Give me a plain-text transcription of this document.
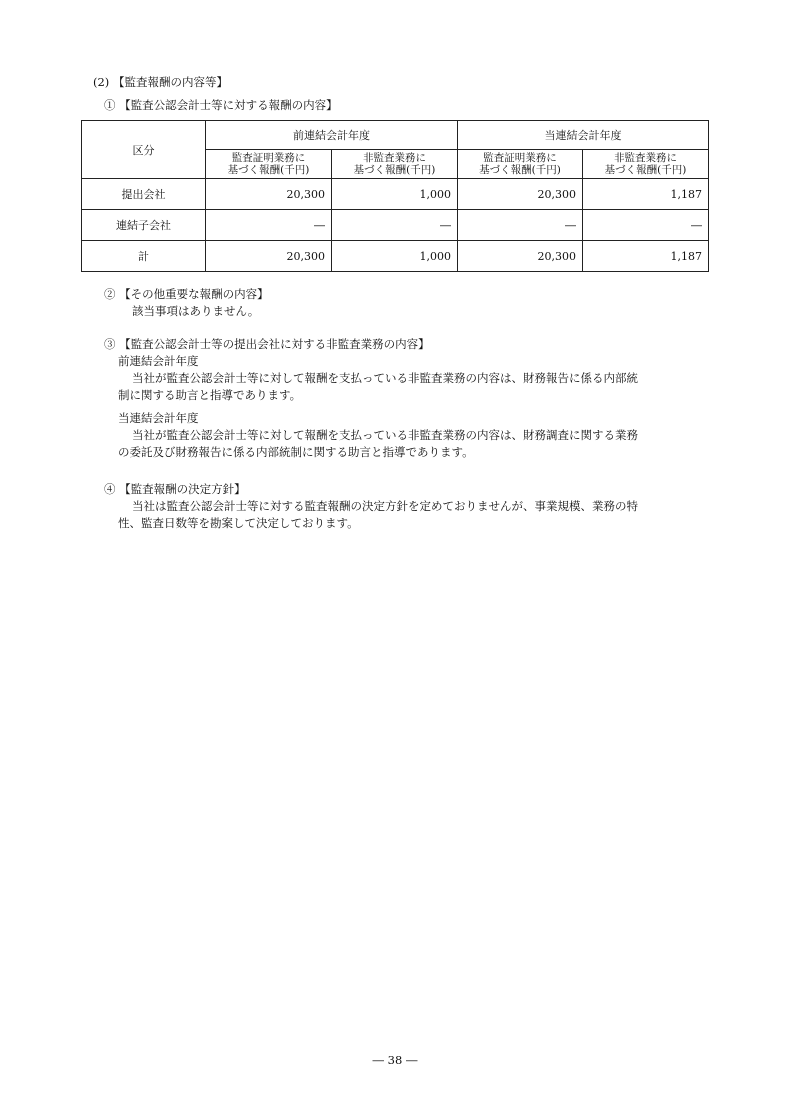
(2) 【監査報酬の内容等】
① 【監査公認会計士等に対する報酬の内容】
区分	前連結会計年度		当連結会計年度	
	監査証明業務に
基づく報酬(千円)	非監査業務に
基づく報酬(千円)	監査証明業務に
基づく報酬(千円)	非監査業務に
基づく報酬(千円)
提出会社	20,300	1,000	20,300	1,187
連結子会社	―	―	―	―
計	20,300	1,000	20,300	1,187
② 【その他重要な報酬の内容】
該当事項はありません。
③ 【監査公認会計士等の提出会社に対する非監査業務の内容】
前連結会計年度
当社が監査公認会計士等に対して報酬を支払っている非監査業務の内容は、財務報告に係る内部統
制に関する助言と指導であります。
当連結会計年度
当社が監査公認会計士等に対して報酬を支払っている非監査業務の内容は、財務調査に関する業務
の委託及び財務報告に係る内部統制に関する助言と指導であります。
④ 【監査報酬の決定方針】
当社は監査公認会計士等に対する監査報酬の決定方針を定めておりませんが、事業規模、業務の特
性、監査日数等を勘案して決定しております。
― 38 ―
